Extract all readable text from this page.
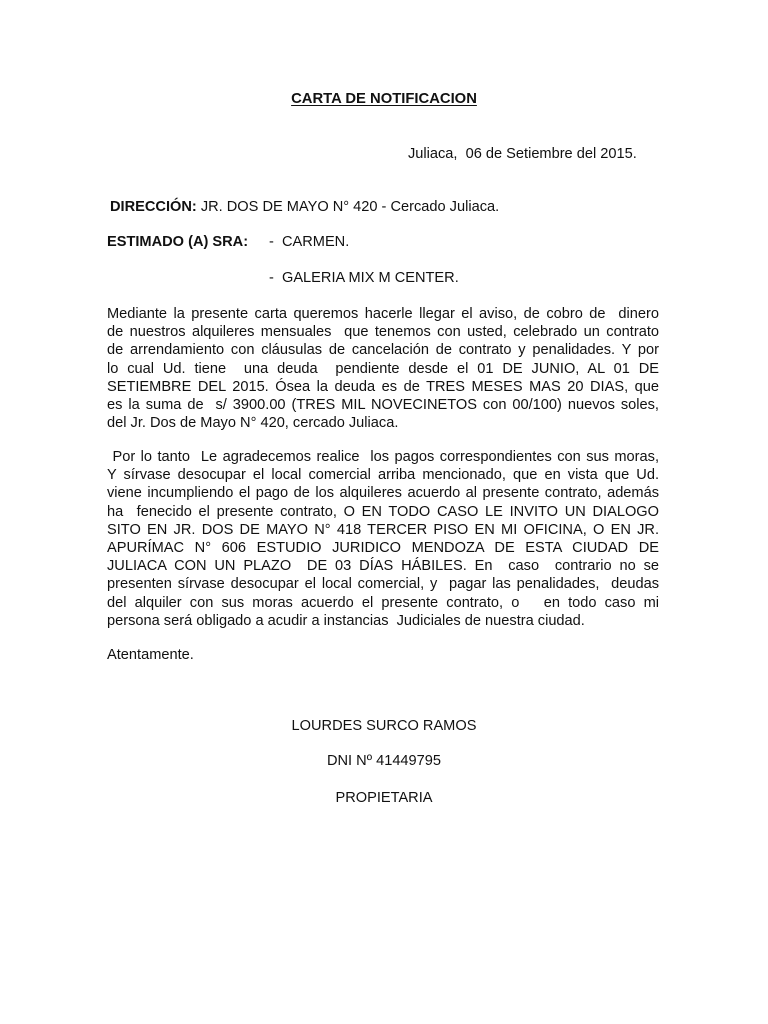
CARTA DE NOTIFICACION
Juliaca,  06 de Setiembre del 2015.
DIRECCIÓN: JR. DOS DE MAYO N° 420 - Cercado Juliaca.
ESTIMADO (A) SRA: -  CARMEN.
-  GALERIA MIX M CENTER.
Mediante la presente carta queremos hacerle llegar el aviso, de cobro de  dinero
de nuestros alquileres mensuales  que tenemos con usted, celebrado un contrato
de arrendamiento con cláusulas de cancelación de contrato y penalidades. Y por
lo cual Ud. tiene  una deuda  pendiente desde el 01 DE JUNIO, AL 01 DE
SETIEMBRE DEL 2015. Ósea la deuda es de TRES MESES MAS 20 DIAS, que
es la suma de  s/ 3900.00 (TRES MIL NOVECINETOS con 00/100) nuevos soles,
del Jr. Dos de Mayo N° 420, cercado Juliaca.
Por lo tanto  Le agradecemos realice  los pagos correspondientes con sus moras,
Y sírvase desocupar el local comercial arriba mencionado, que en vista que Ud.
viene incumpliendo el pago de los alquileres acuerdo al presente contrato, además
ha  fenecido el presente contrato, O EN TODO CASO LE INVITO UN DIALOGO
SITO EN JR. DOS DE MAYO N° 418 TERCER PISO EN MI OFICINA, O EN JR.
APURÍMAC N° 606 ESTUDIO JURIDICO MENDOZA DE ESTA CIUDAD DE
JULIACA CON UN PLAZO  DE 03 DÍAS HÁBILES. En  caso  contrario no se
presenten sírvase desocupar el local comercial, y  pagar las penalidades,  deudas
del alquiler con sus moras acuerdo el presente contrato, o   en todo caso mi
persona será obligado a acudir a instancias  Judiciales de nuestra ciudad.
Atentamente.
LOURDES SURCO RAMOS
DNI Nº 41449795
PROPIETARIA
